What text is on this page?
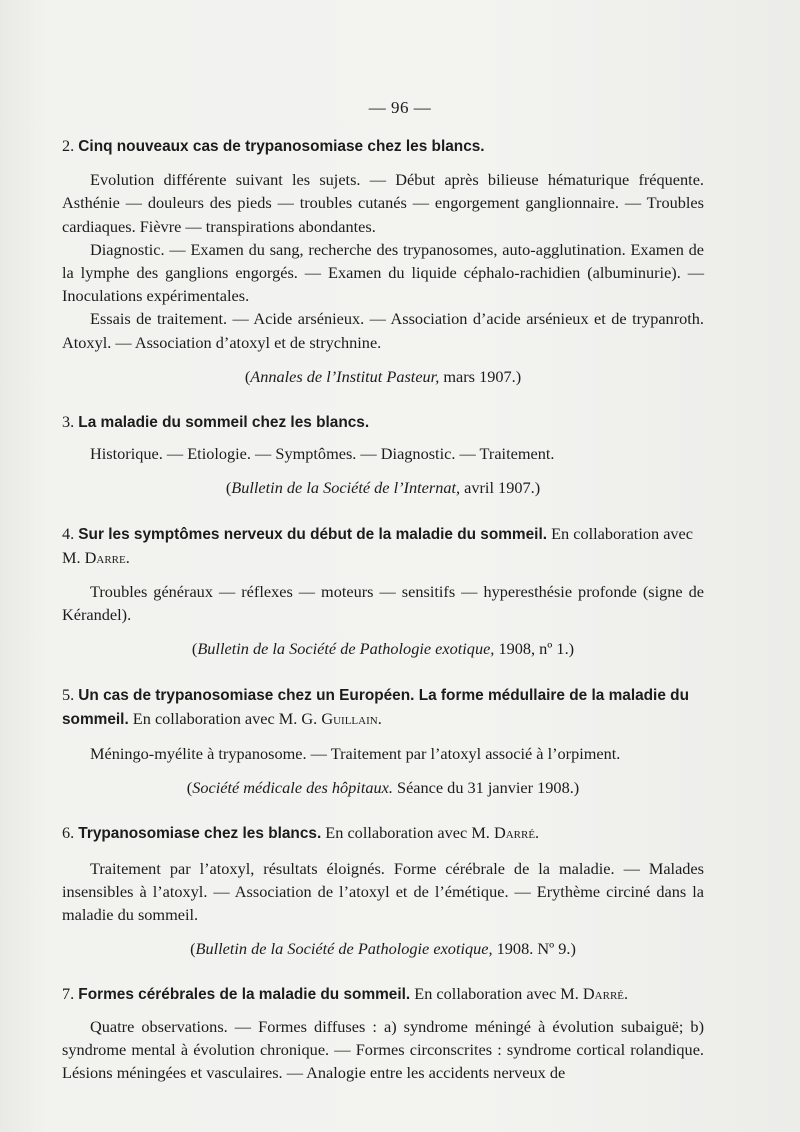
— 96 —

2. Cinq nouveaux cas de trypanosomiase chez les blancs.

Evolution différente suivant les sujets. — Début après bilieuse hématurique fréquente. Asthénie — douleurs des pieds — troubles cutanés — engorgement ganglionnaire. — Troubles cardiaques. Fièvre — transpirations abondantes.

Diagnostic. — Examen du sang, recherche des trypanosomes, auto-agglutination. Examen de la lymphe des ganglions engorgés. — Examen du liquide céphalo-rachidien (albuminurie). — Inoculations expérimentales.

Essais de traitement. — Acide arsénieux. — Association d’acide arsénieux et de trypanroth. Atoxyl. — Association d’atoxyl et de strychnine.

(Annales de l’Institut Pasteur, mars 1907.)

3. La maladie du sommeil chez les blancs.

Historique. — Etiologie. — Symptômes. — Diagnostic. — Traitement.

(Bulletin de la Société de l’Internat, avril 1907.)

4. Sur les symptômes nerveux du début de la maladie du sommeil. En collaboration avec M. Darre.

Troubles généraux — réflexes — moteurs — sensitifs — hyperesthésie profonde (signe de Kérandel).

(Bulletin de la Société de Pathologie exotique, 1908, nº 1.)

5. Un cas de trypanosomiase chez un Européen. La forme médullaire de la maladie du sommeil. En collaboration avec M. G. Guillain.

Méningo-myélite à trypanosome. — Traitement par l’atoxyl associé à l’orpiment.

(Société médicale des hôpitaux. Séance du 31 janvier 1908.)

6. Trypanosomiase chez les blancs. En collaboration avec M. Darré.

Traitement par l’atoxyl, résultats éloignés. Forme cérébrale de la maladie. — Malades insensibles à l’atoxyl. — Association de l’atoxyl et de l’émétique. — Erythème circiné dans la maladie du sommeil.

(Bulletin de la Société de Pathologie exotique, 1908. Nº 9.)

7. Formes cérébrales de la maladie du sommeil. En collaboration avec M. Darré.

Quatre observations. — Formes diffuses : a) syndrome méningé à évolution subaiguë; b) syndrome mental à évolution chronique. — Formes circonscrites : syndrome cortical rolandique. Lésions méningées et vasculaires. — Analogie entre les accidents nerveux de
